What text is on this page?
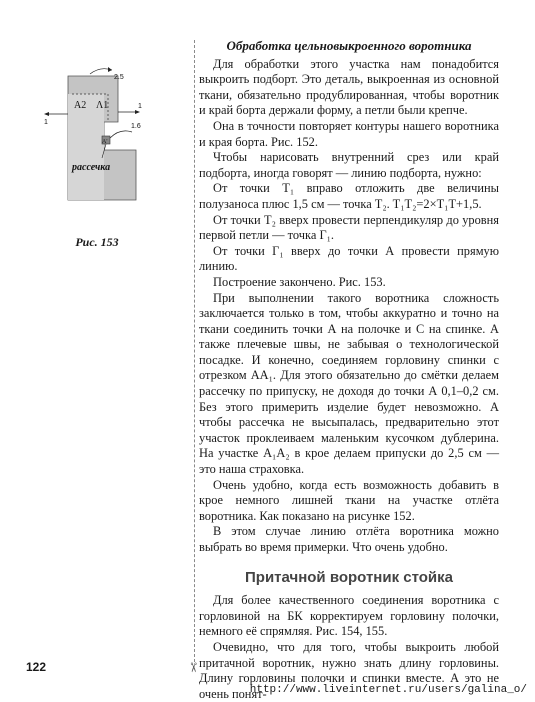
✂
A2 Λ1
A'
2.5
1
1.6
1
рассечка
Рис. 153
Обработка цельновыкроенного воротника

Для обработки этого участка нам понадобится выкроить подборт. Это деталь, выкроенная из основной ткани, обязательно продублированная, чтобы воротник и край борта держали форму, а петли были крепче.

Она в точности повторяет контуры нашего воротника и края борта. Рис. 152.

Чтобы нарисовать внутренний срез или край подборта, иногда говорят — линию подборта, нужно:

От точки T₁ вправо отложить две величины полузаноса плюс 1,5 см — точка T₂. T₁T₂=2×T₁T+1,5.

От точки T₂ вверх провести перпендикуляр до уровня первой петли — точка Г₁.

От точки Г₁ вверх до точки А провести прямую линию.

Построение закончено. Рис. 153.

При выполнении такого воротника сложность заключается только в том, чтобы аккуратно и точно на ткани соединить точки А на полочке и С на спинке. А также плечевые швы, не забывая о технологической посадке. И конечно, соединяем горловину спинки с отрезком АА₁. Для этого обязательно до смётки делаем рассечку по припуску, не доходя до точки А 0,1–0,2 см. Без этого примерить изделие будет невозможно. А чтобы рассечка не высыпалась, предварительно этот участок проклеиваем маленьким кусочком дублерина. На участке А₁А₂ в крое делаем припуски до 2,5 см — это наша страховка.

Очень удобно, когда есть возможность добавить в крое немного лишней ткани на участке отлёта воротника. Как показано на рисунке 152.

В этом случае линию отлёта воротника можно выбрать во время примерки. Что очень удобно.

Притачной воротник стойка

Для более качественного соединения воротника с горловиной на БК корректируем горловину полочки, немного её спрямляя. Рис. 154, 155.

Очевидно, что для того, чтобы выкроить любой притачной воротник, нужно знать длину горловины. Длину горловины полочки и спинки вместе. А это не очень понят-

122
http://www.liveinternet.ru/users/galina_o/
